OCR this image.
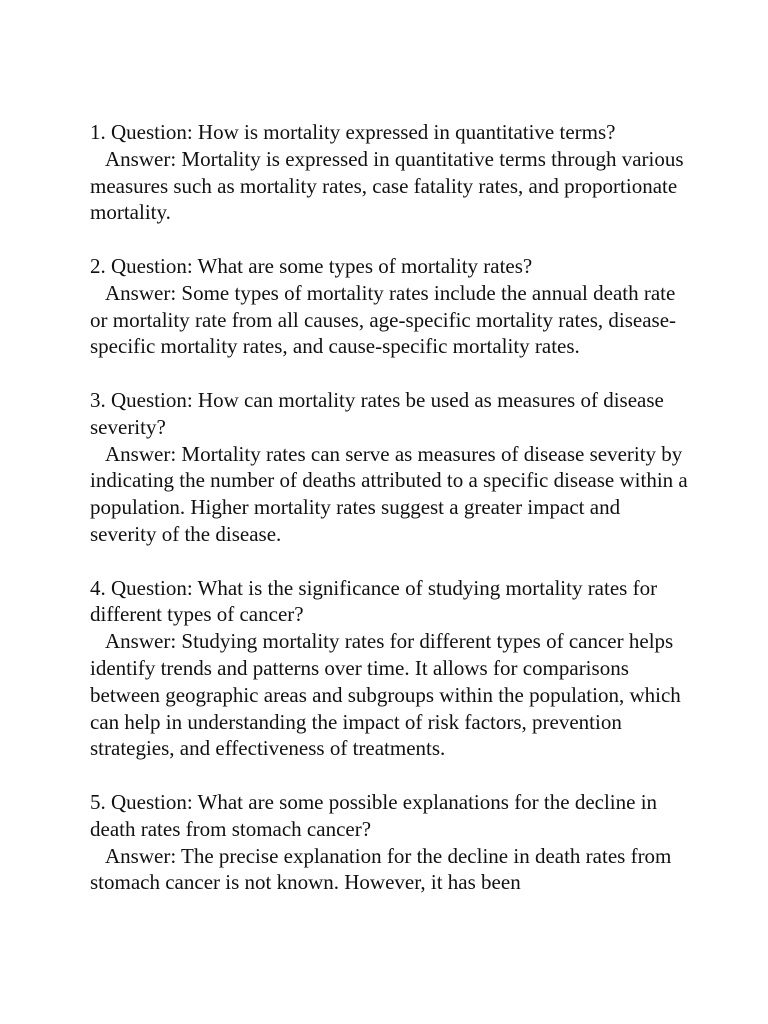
1. Question: How is mortality expressed in quantitative terms?
Answer: Mortality is expressed in quantitative terms through various measures such as mortality rates, case fatality rates, and proportionate mortality.
2. Question: What are some types of mortality rates?
Answer: Some types of mortality rates include the annual death rate or mortality rate from all causes, age-specific mortality rates, disease-specific mortality rates, and cause-specific mortality rates.
3. Question: How can mortality rates be used as measures of disease severity?
Answer: Mortality rates can serve as measures of disease severity by indicating the number of deaths attributed to a specific disease within a population. Higher mortality rates suggest a greater impact and severity of the disease.
4. Question: What is the significance of studying mortality rates for different types of cancer?
Answer: Studying mortality rates for different types of cancer helps identify trends and patterns over time. It allows for comparisons between geographic areas and subgroups within the population, which can help in understanding the impact of risk factors, prevention strategies, and effectiveness of treatments.
5. Question: What are some possible explanations for the decline in death rates from stomach cancer?
Answer: The precise explanation for the decline in death rates from stomach cancer is not known. However, it has been
